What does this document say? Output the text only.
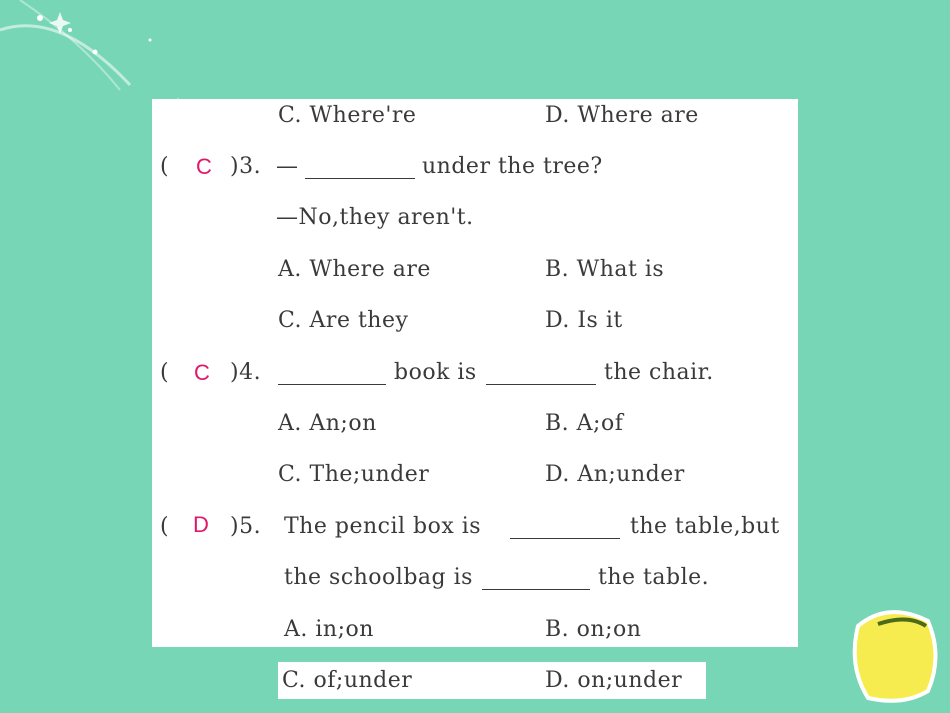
C. Where're	D. Where are
( C )3. —	under the tree?
—No,they aren't.
A. Where are	B. What is
C. Are they	D. Is it
( C )4.	book is	the chair.
A. An;on	B. A;of
C. The;under	D. An;under
( D )5. The pencil box is	the table,but
the schoolbag is	the table.
A. in;on	B. on;on
C. of;under	D. on;under
